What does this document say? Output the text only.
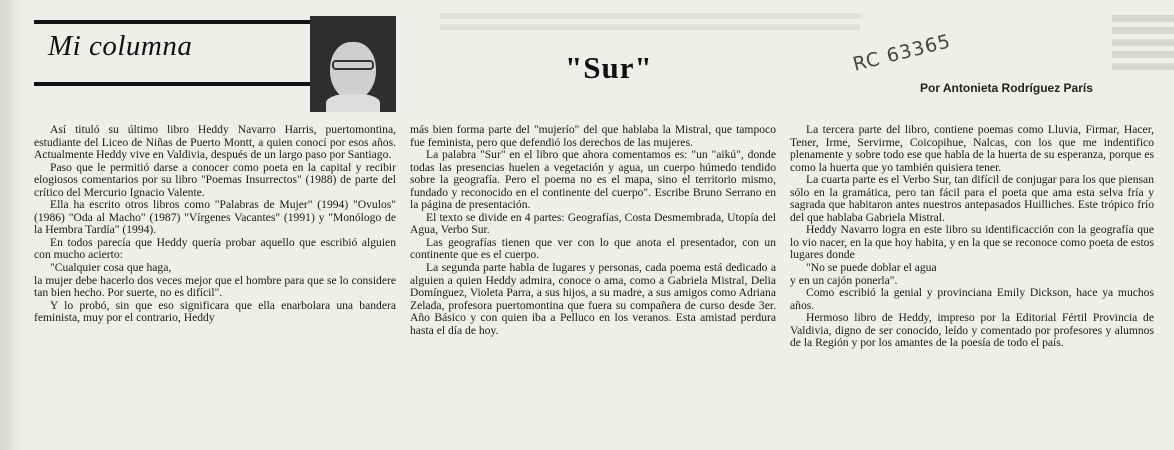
Mi columna
"Sur"	RC 63365
Por Antonieta Rodríguez París

Así tituló su último libro Heddy Navarro Harris, puertomontina, estudiante del Liceo de Niñas de Puerto Montt, a quien conocí por esos años. Actualmente Heddy vive en Valdivia, después de un largo paso por Santiago.

Paso que le permitió darse a conocer como poeta en la capital y recibir elogiosos comentarios por su libro "Poemas Insurrectos" (1988) de parte del crítico del Mercurio Ignacio Valente.

Ella ha escrito otros libros como "Palabras de Mujer" (1994) "Ovulos" (1986) "Oda al Macho" (1987) "Vírgenes Vacantes" (1991) y "Monólogo de la Hembra Tardía" (1994).

En todos parecía que Heddy quería probar aquello que escribió alguien con mucho acierto:

"Cualquier cosa que haga,

la mujer debe hacerlo dos veces mejor que el hombre para que se lo considere tan bien hecho. Por suerte, no es difícil".

Y lo probó, sin que eso significara que ella enarbolara una bandera feminista, muy por el contrario, Heddy

más bien forma parte del "mujerío" del que hablaba la Mistral, que tampoco fue feminista, pero que defendió los derechos de las mujeres.

La palabra "Sur" en el libro que ahora comentamos es: "un "aikú", donde todas las presencias huelen a vegetación y agua, un cuerpo húmedo tendido sobre la geografía. Pero el poema no es el mapa, sino el territorio mismo, fundado y reconocido en el continente del cuerpo". Escribe Bruno Serrano en la página de presentación.

El texto se divide en 4 partes: Geografías, Costa Desmembrada, Utopía del Agua, Verbo Sur.

Las geografías tienen que ver con lo que anota el presentador, con un continente que es el cuerpo.

La segunda parte habla de lugares y personas, cada poema está dedicado a alguien a quien Heddy admira, conoce o ama, como a Gabriela Mistral, Delia Domínguez, Violeta Parra, a sus hijos, a su madre, a sus amigos como Adriana Zelada, profesora puertomontina que fuera su compañera de curso desde 3er. Año Básico y con quien iba a Pelluco en los veranos. Esta amistad perdura hasta el día de hoy.

La tercera parte del libro, contiene poemas como Lluvia, Firmar, Hacer, Tener, Irme, Servirme, Coicopihue, Nalcas, con los que me indentifico plenamente y sobre todo ese que habla de la huerta de su esperanza, porque es como la huerta que yo también quisiera tener.

La cuarta parte es el Verbo Sur, tan difícil de conjugar para los que piensan sólo en la gramática, pero tan fácil para el poeta que ama esta selva fría y sagrada que habitaron antes nuestros antepasados Huilliches. Este trópico frío del que hablaba Gabriela Mistral.

Heddy Navarro logra en este libro su identificacción con la geografía que lo vio nacer, en la que hoy habita, y en la que se reconoce como poeta de estos lugares donde

"No se puede doblar el agua

y en un cajón ponerla".

Como escribió la genial y provinciana Emily Dickson, hace ya muchos años.

Hermoso libro de Heddy, impreso por la Editorial Fértil Provincia de Valdivia, digno de ser conocido, leído y comentado por profesores y alumnos de la Región y por los amantes de la poesía de todo el país.
